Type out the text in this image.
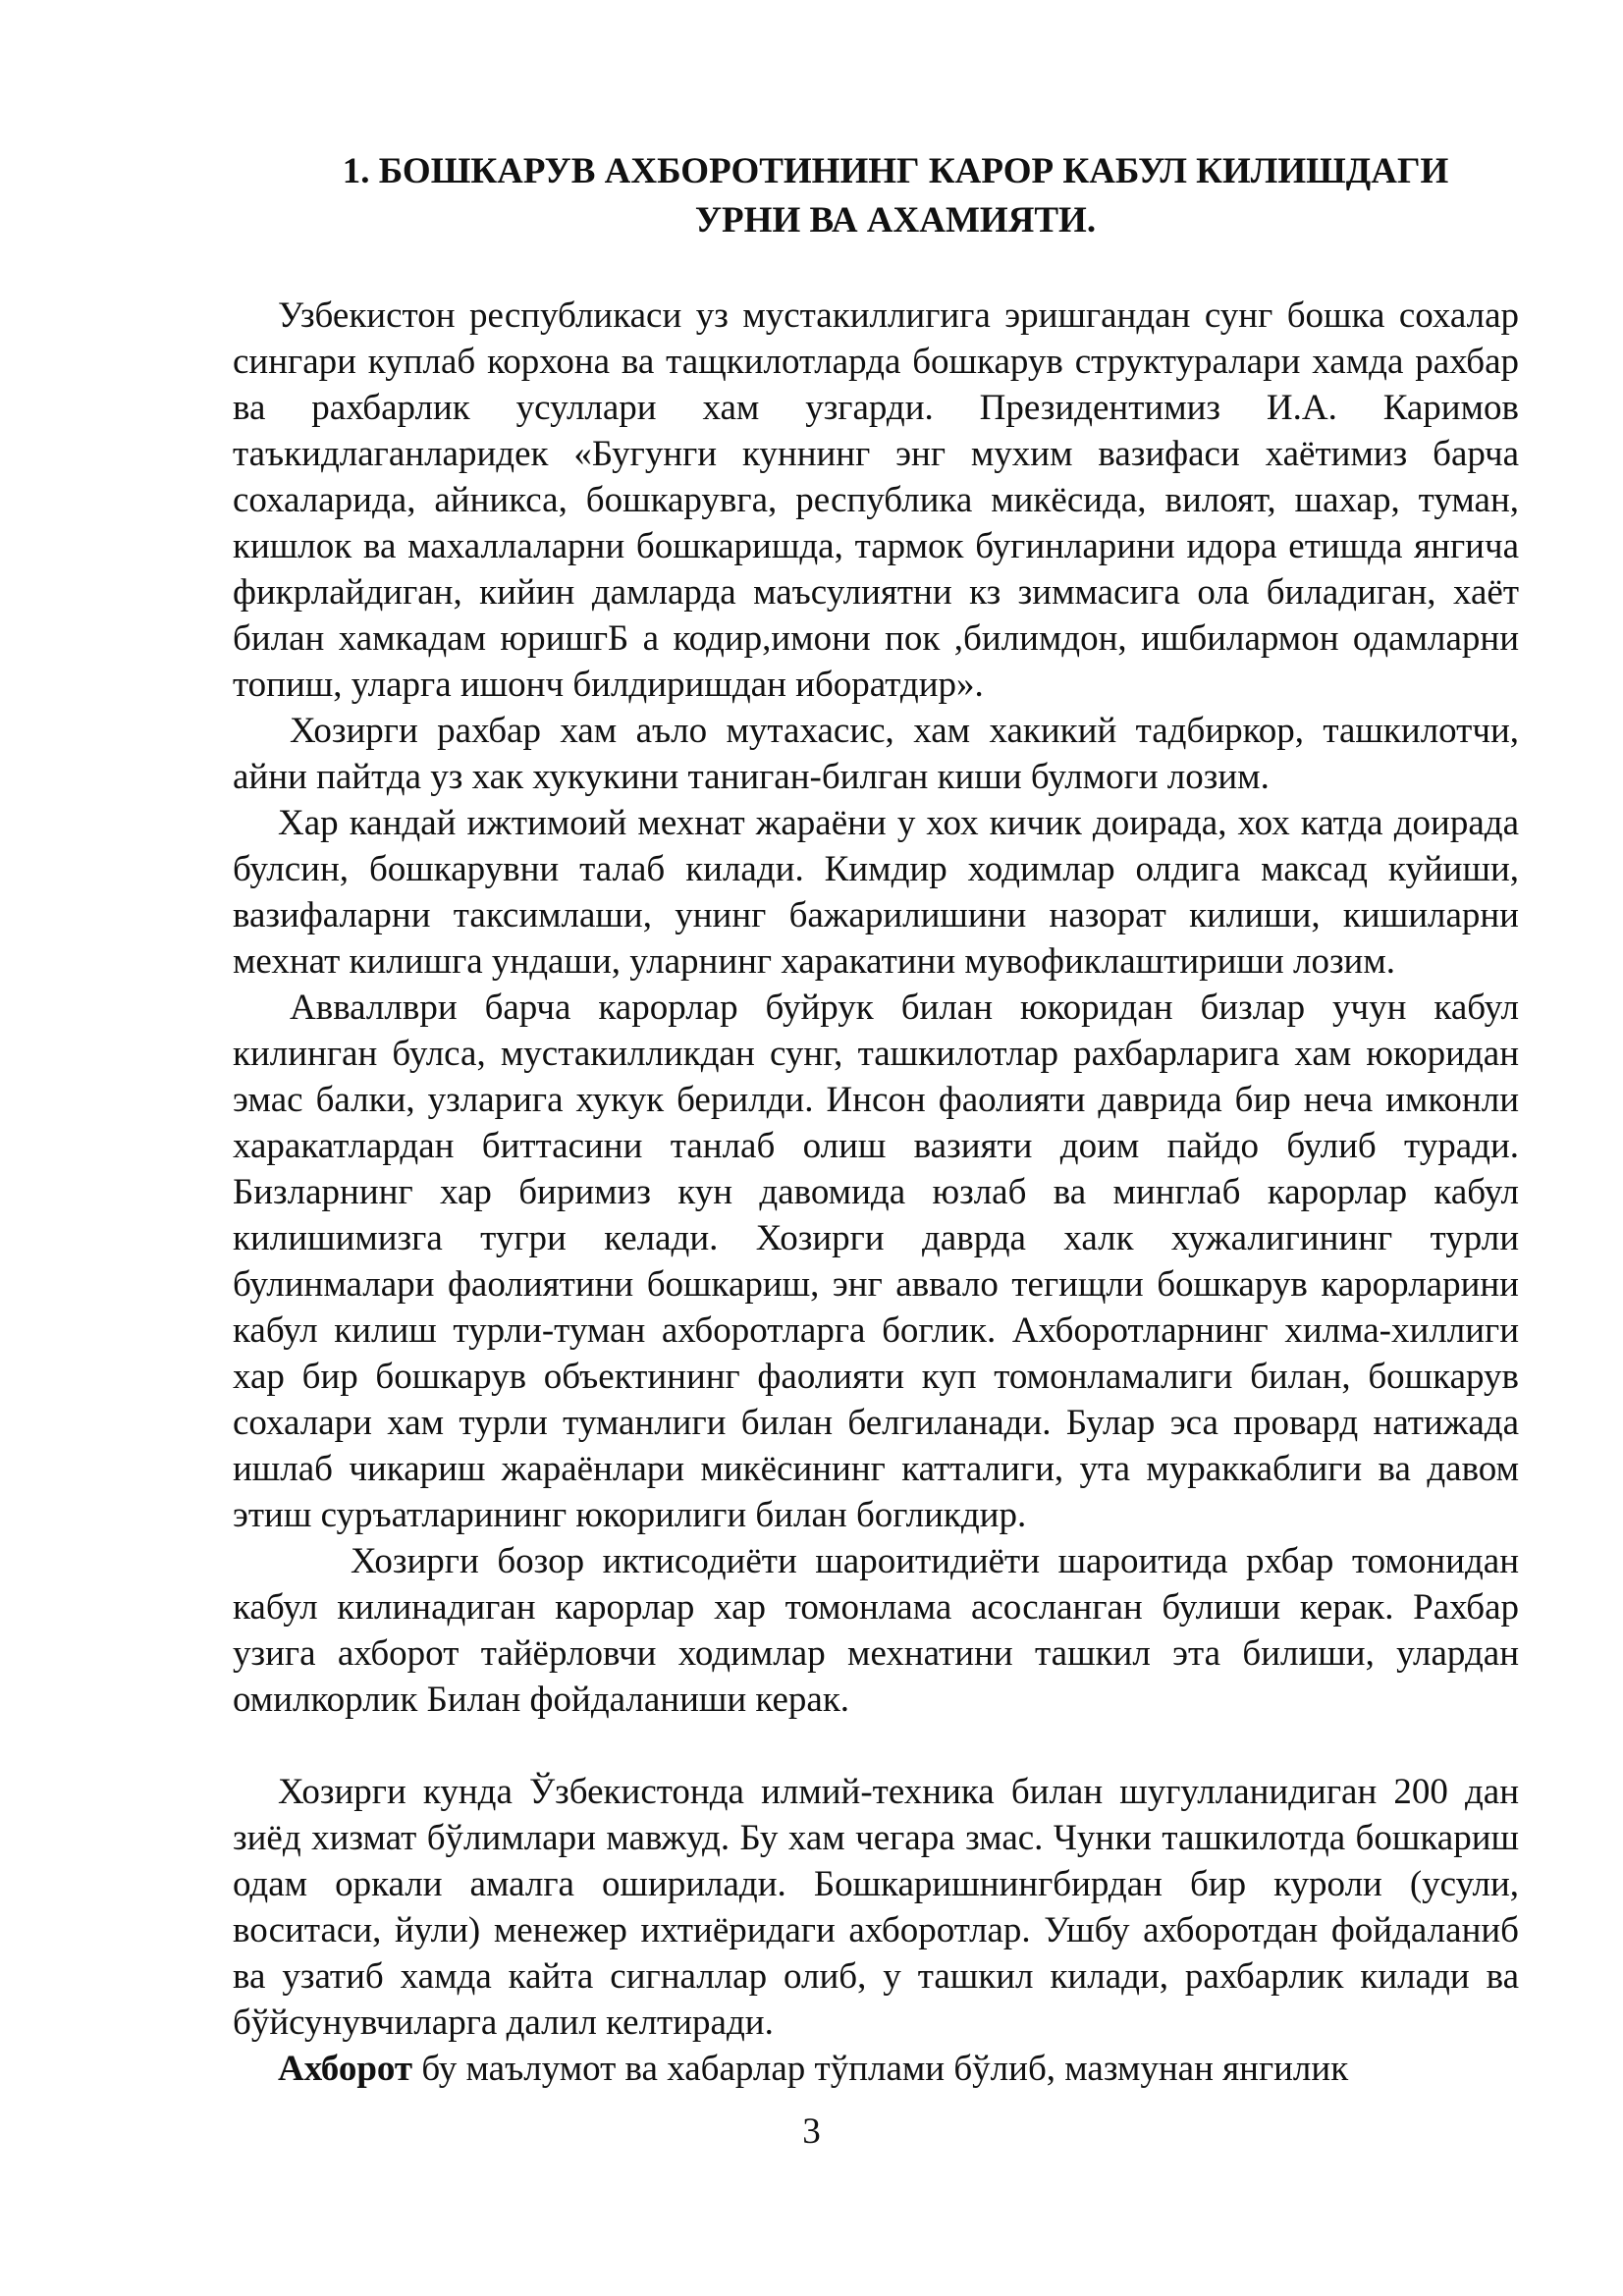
1. БОШКАРУВ АХБОРОТИНИНГ КАРОР КАБУЛ КИЛИШДАГИ
УРНИ ВА АХАМИЯТИ.

Узбекистон республикаси уз мустакиллигига эришгандан сунг бошка сохалар сингари куплаб корхона ва тащкилотларда бошкарув структуралари хамда рахбар ва рахбарлик усуллари хам узгарди. Президентимиз И.А. Каримов таъкидлаганларидек «Бугунги куннинг энг мухим вазифаси хаётимиз барча сохаларида, айникса, бошкарувга, республика микёсида, вилоят, шахар, туман, кишлок ва махаллаларни бошкаришда, тармок бугинларини идора етишда янгича фикрлайдиган, кийин дамларда маъсулиятни кз зиммасига ола биладиган, хаёт билан хамкадам юришгБ а кодир,имони пок ,билимдон, ишбилармон одамларни топиш, уларга ишонч билдиришдан иборатдир».

Хозирги рахбар хам аъло мутахасис, хам хакикий тадбиркор, ташкилотчи, айни пайтда уз хак хукукини таниган-билган киши булмоги лозим.

Хар кандай ижтимоий мехнат жараёни у хох кичик доирада, хох катда доирада булсин, бошкарувни талаб килади. Кимдир ходимлар олдига максад куйиши, вазифаларни таксимлаши, унинг бажарилишини назорат килиши, кишиларни мехнат килишга ундаши, уларнинг харакатини мувофиклаштириши лозим.

Авваллври барча карорлар буйрук билан юкоридан бизлар учун кабул килинган булса, мустакилликдан сунг, ташкилотлар рахбарларига хам юкоридан эмас балки, узларига хукук берилди. Инсон фаолияти даврида бир неча имконли харакатлардан биттасини танлаб олиш вазияти доим пайдо булиб туради. Бизларнинг хар биримиз кун давомида юзлаб ва минглаб карорлар кабул килишимизга тугри келади. Хозирги даврда халк хужалигининг турли булинмалари фаолиятини бошкариш, энг аввало тегищли бошкарув карорларини кабул килиш турли-туман ахборотларга боглик. Ахборотларнинг хилма-хиллиги хар бир бошкарув объектининг фаолияти куп томонламалиги билан, бошкарув сохалари хам турли туманлиги билан белгиланади. Булар эса провард натижада ишлаб чикариш жараёнлари микёсининг катталиги, ута мураккаблиги ва давом этиш суръатларининг юкорилиги билан богликдир.

Хозирги бозор иктисодиёти шароитидиёти шароитида рхбар томонидан кабул килинадиган карорлар хар томонлама асосланган булиши керак. Рахбар узига ахборот тайёрловчи ходимлар мехнатини ташкил эта билиши, улардан омилкорлик Билан фойдаланиши керак.

Хозирги кунда Ўзбекистонда илмий-техника билан шугулланидиган 200 дан зиёд хизмат бўлимлари мавжуд. Бу хам чегара змас. Чунки ташкилотда бошкариш одам оркали амалга оширилади. Бошкаришнингбирдан бир куроли (усули, воситаси, йули) менежер ихтиёридаги ахборотлар. Ушбу ахборотдан фойдаланиб ва узатиб хамда кайта сигналлар олиб, у ташкил килади, рахбарлик килади ва бўйсунувчиларга далил келтиради.

Ахборот бу маълумот ва хабарлар тўплами бўлиб, мазмунан янгилик

3
